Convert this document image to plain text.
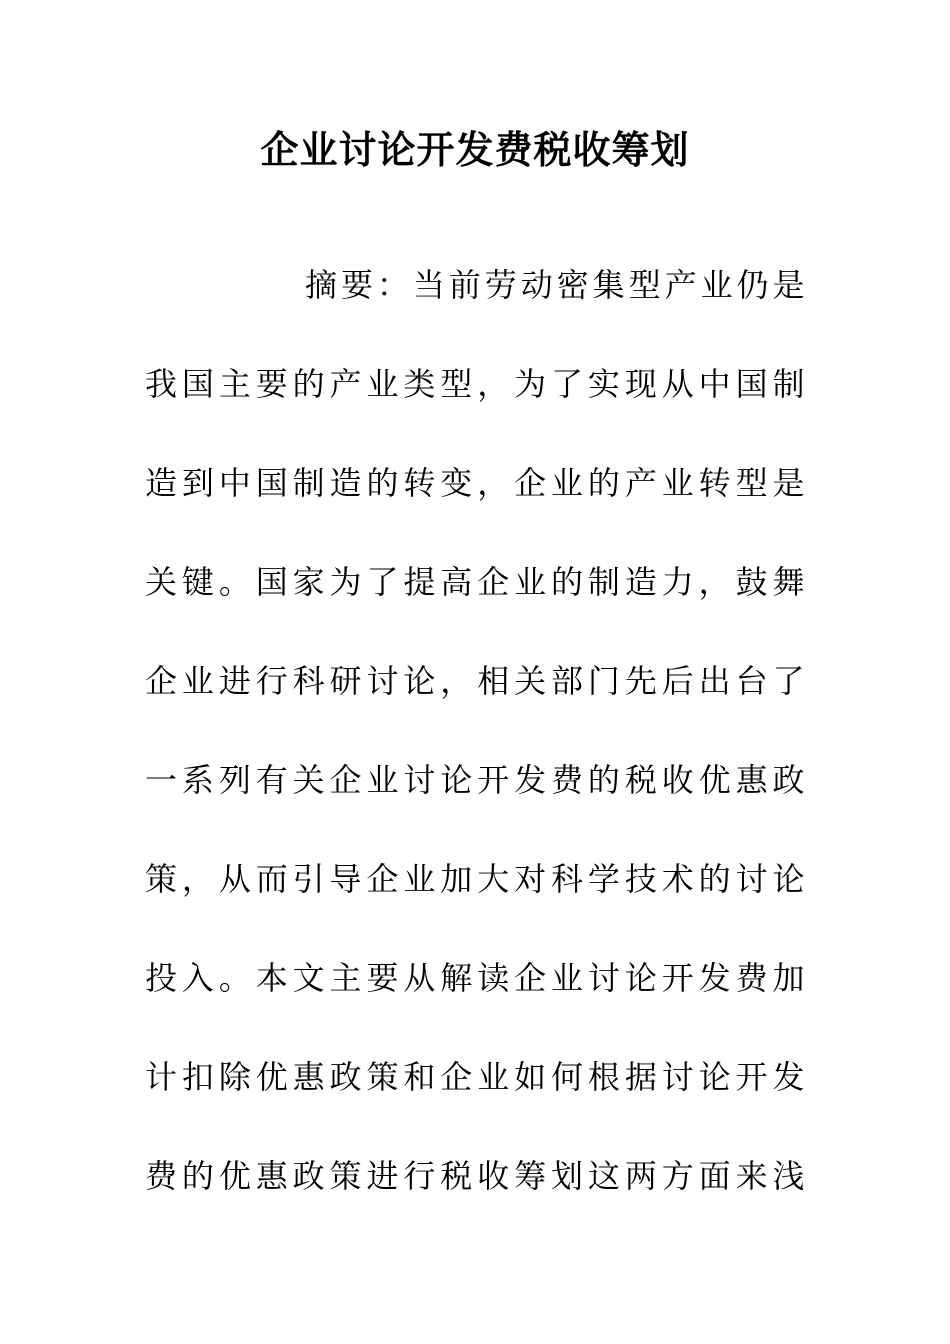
企业讨论开发费税收筹划
摘要：当前劳动密集型产业仍是
我国主要的产业类型，为了实现从中国制
造到中国制造的转变，企业的产业转型是
关键。国家为了提高企业的制造力，鼓舞
企业进行科研讨论，相关部门先后出台了
一系列有关企业讨论开发费的税收优惠政
策，从而引导企业加大对科学技术的讨论
投入。本文主要从解读企业讨论开发费加
计扣除优惠政策和企业如何根据讨论开发
费的优惠政策进行税收筹划这两方面来浅
